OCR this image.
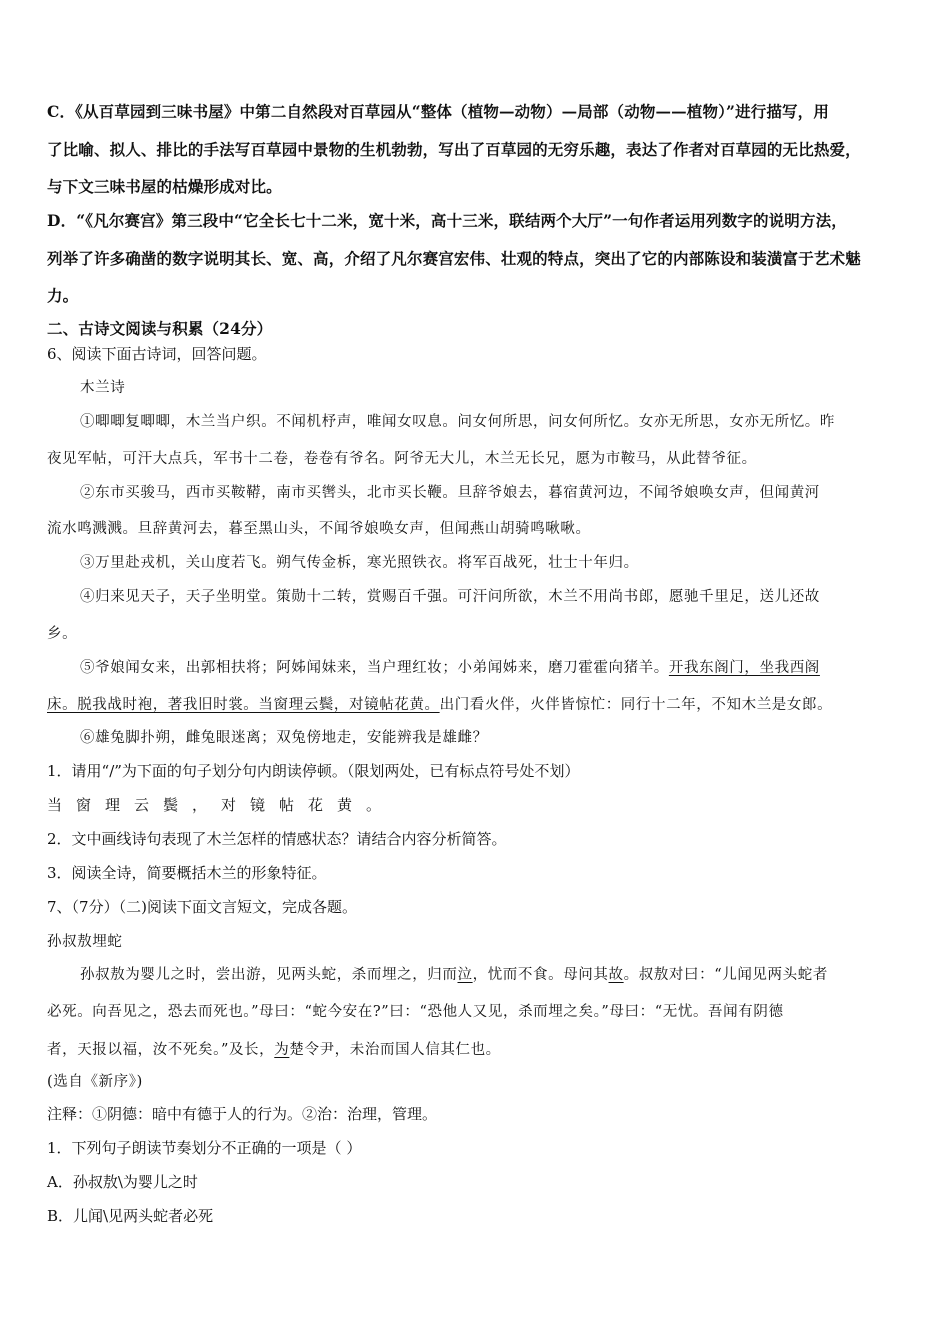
C．《从百草园到三味书屋》中第二自然段对百草园从“整体（植物—动物）—局部（动物——植物）”进行描写，用
了比喻、拟人、排比的手法写百草园中景物的生机勃勃，写出了百草园的无穷乐趣，表达了作者对百草园的无比热爱，
与下文三味书屋的枯燥形成对比。
D．“《凡尔赛宫》第三段中“它全长七十二米，宽十米，高十三米，联结两个大厅”一句作者运用列数字的说明方法，
列举了许多确凿的数字说明其长、宽、高，介绍了凡尔赛宫宏伟、壮观的特点，突出了它的内部陈设和装潢富于艺术魅
力。
二、古诗文阅读与积累（24分）
6、阅读下面古诗词，回答问题。
木兰诗
①唧唧复唧唧，木兰当户织。不闻机杼声，唯闻女叹息。问女何所思，问女何所忆。女亦无所思，女亦无所忆。昨
夜见军帖，可汗大点兵，军书十二卷，卷卷有爷名。阿爷无大儿，木兰无长兄，愿为市鞍马，从此替爷征。
②东市买骏马，西市买鞍鞯，南市买辔头，北市买长鞭。旦辞爷娘去，暮宿黄河边，不闻爷娘唤女声，但闻黄河
流水鸣溅溅。旦辞黄河去，暮至黑山头，不闻爷娘唤女声，但闻燕山胡骑鸣啾啾。
③万里赴戎机，关山度若飞。朔气传金柝，寒光照铁衣。将军百战死，壮士十年归。
④归来见天子，天子坐明堂。策勋十二转，赏赐百千强。可汗问所欲，木兰不用尚书郎，愿驰千里足，送儿还故
乡。
⑤爷娘闻女来，出郭相扶将；阿姊闻妹来，当户理红妆；小弟闻姊来，磨刀霍霍向猪羊。开我东阁门，坐我西阁
床。脱我战时袍，著我旧时裳。当窗理云鬓，对镜帖花黄。出门看火伴，火伴皆惊忙：同行十二年，不知木兰是女郎。
⑥雄兔脚扑朔，雌兔眼迷离；双兔傍地走，安能辨我是雄雌？
1．请用“/”为下面的句子划分句内朗读停顿。（限划两处，已有标点符号处不划）
当窗理云鬓，对镜帖花黄。
2．文中画线诗句表现了木兰怎样的情感状态？请结合内容分析简答。
3．阅读全诗，简要概括木兰的形象特征。
7、（7分）（二)阅读下面文言短文，完成各题。
孙叔敖埋蛇
孙叔敖为婴儿之时，尝出游，见两头蛇，杀而埋之，归而泣，忧而不食。母问其故。叔敖对曰：“儿闻见两头蛇者
必死。向吾见之，恐去而死也。”母曰：“蛇今安在?”曰：“恐他人又见，杀而埋之矣。”母曰：“无忧。吾闻有阴德
者，天报以福，汝不死矣。”及长，为楚令尹，未治而国人信其仁也。
(选自《新序》)
注释：①阴德：暗中有德于人的行为。②治：治理，管理。
1．下列句子朗读节奏划分不正确的一项是（ ）
A．孙叔敖\为婴儿之时
B．儿闻\见两头蛇者必死
